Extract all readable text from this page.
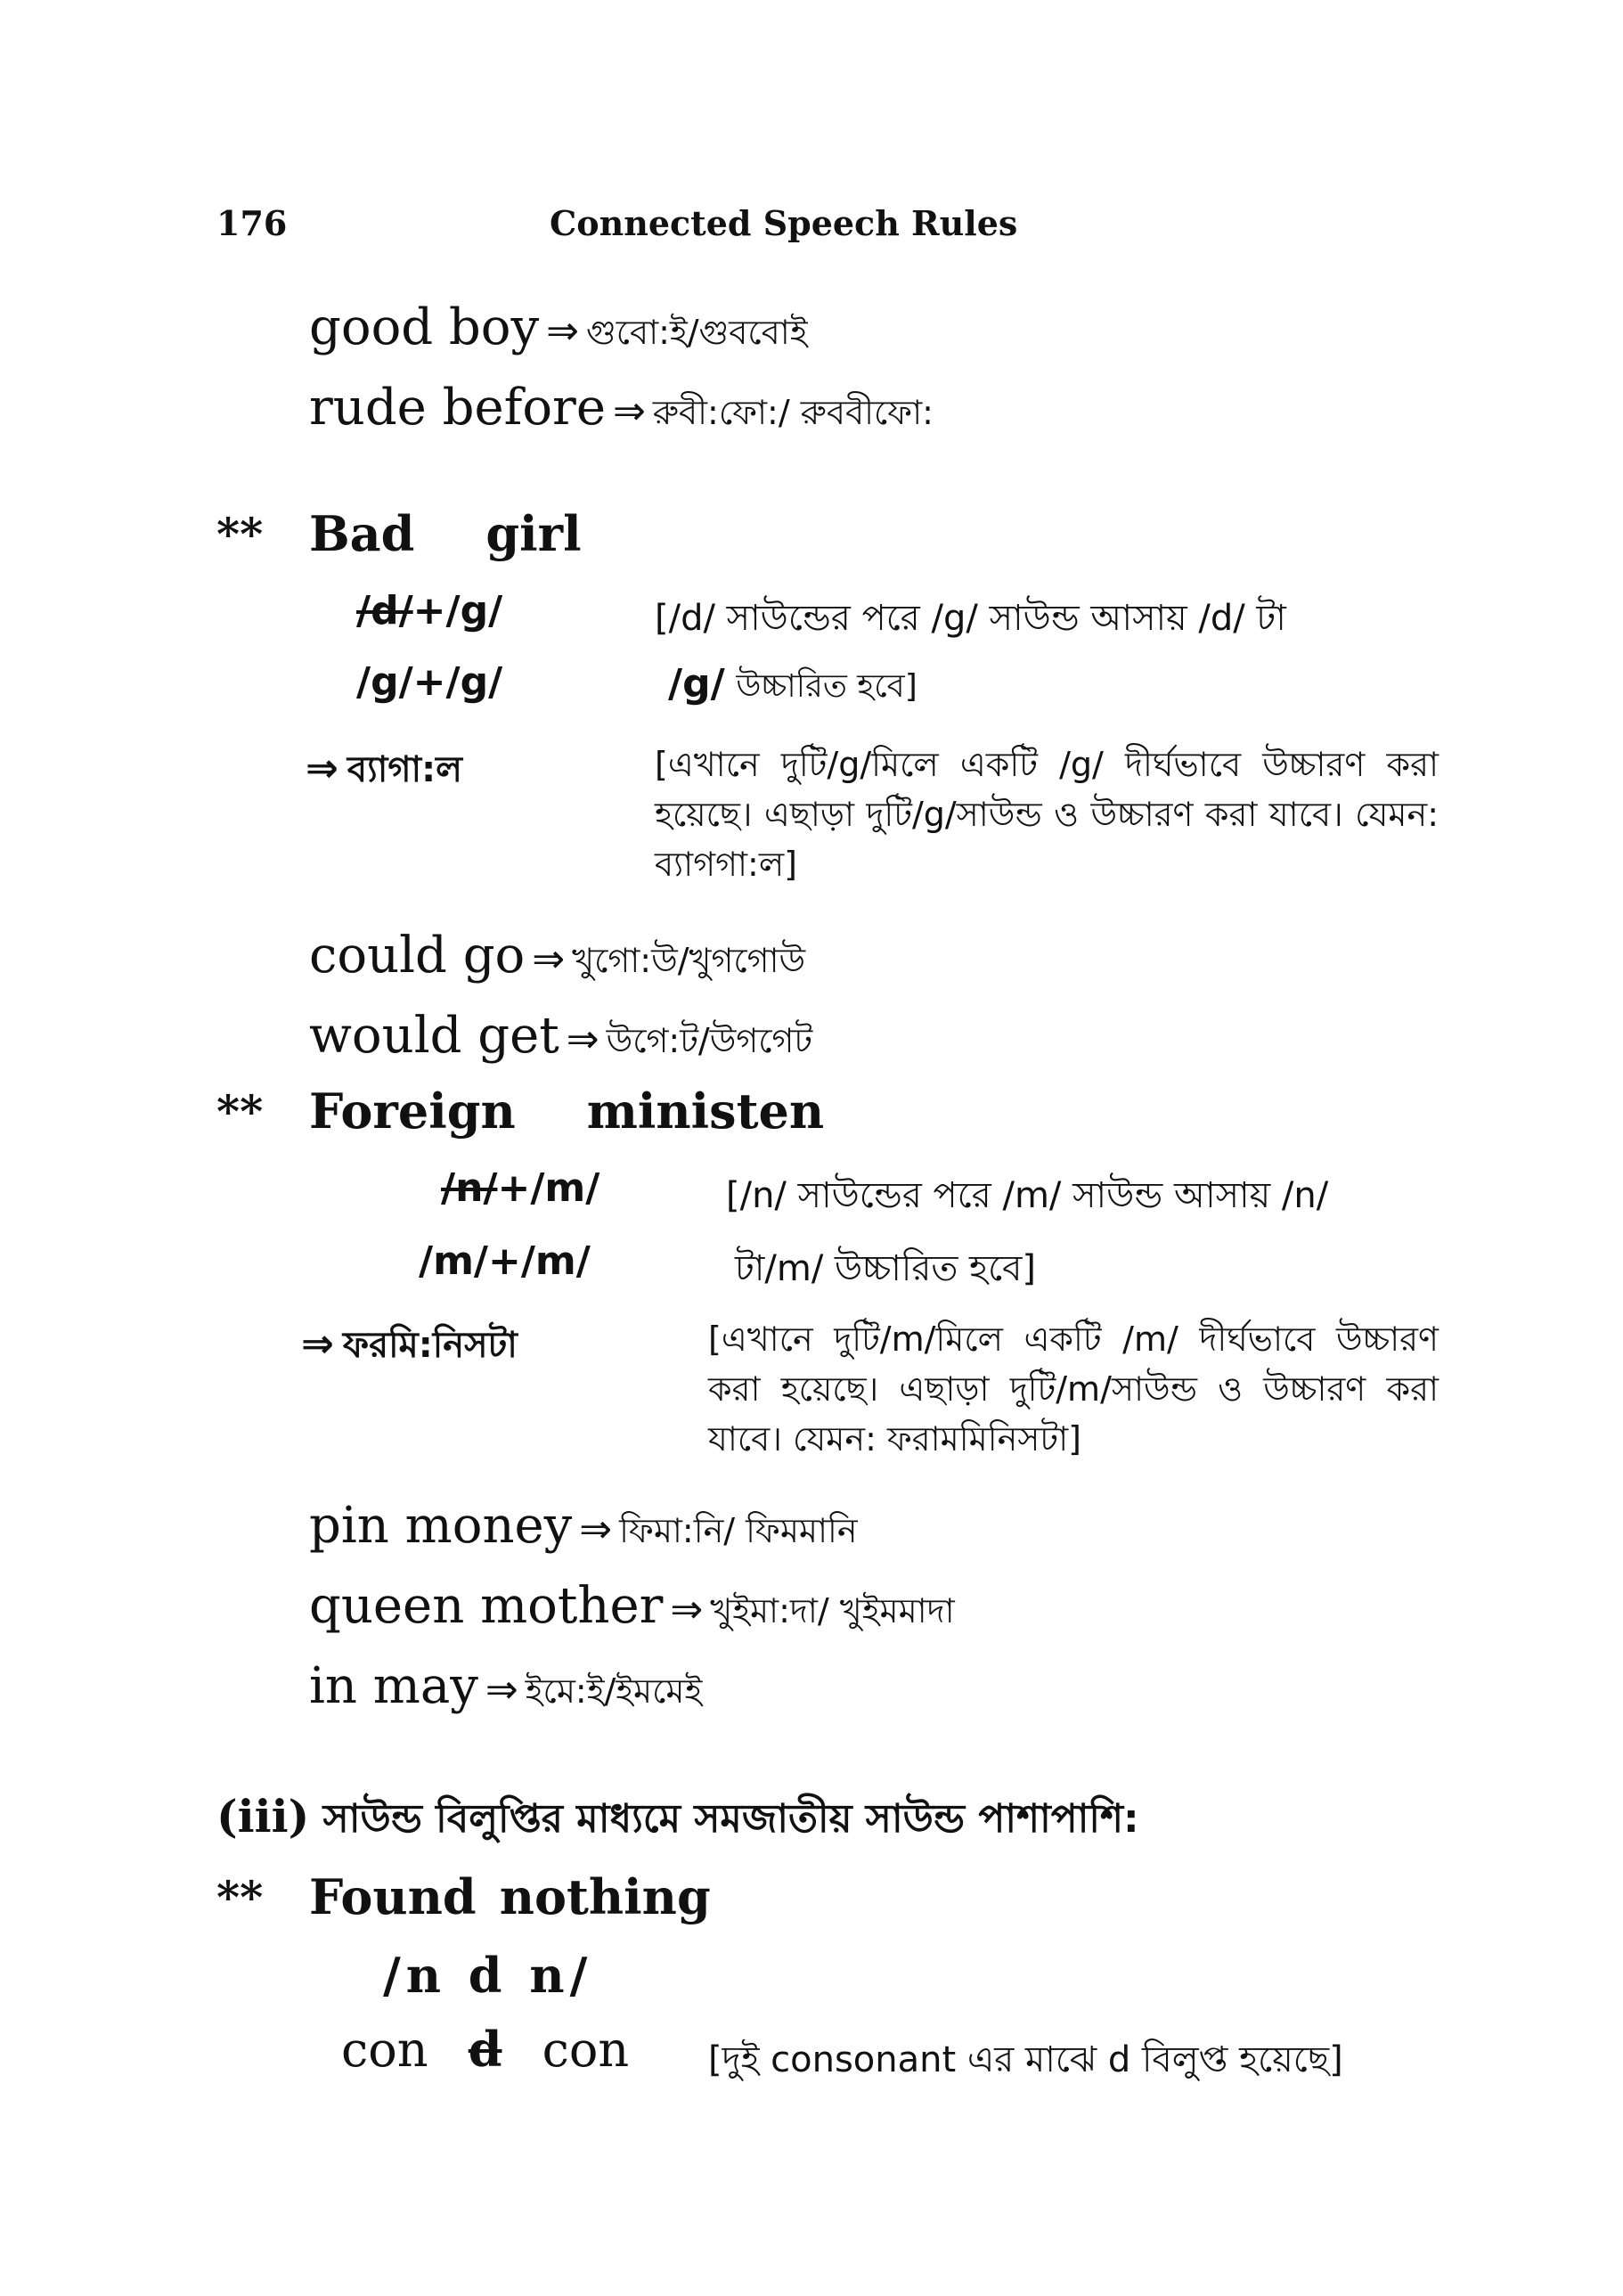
176	Connected Speech Rules
good boy ⇒ গুবো:ই/গুববোই
rude before ⇒ রুবী:ফো:/ রুববীফো:
** Bad girl
/d/+/g/	[/d/ সাউন্ডের পরে /g/ সাউন্ড আসায় /d/ টা
/g/+/g/	/g/ উচ্চারিত হবে]
⇒ ব্যাগা:ল	[এখানে দুটি/g/মিলে একটি /g/ দীর্ঘভাবে উচ্চারণ করা হয়েছে। এছাড়া দুটি/g/সাউন্ড ও উচ্চারণ করা যাবে। যেমন: ব্যাগগা:ল]
could go ⇒ খুগো:উ/খুগগোউ
would get ⇒ উগে:ট/উগগেট
** Foreign ministen
/n/+/m/	[/n/ সাউন্ডের পরে /m/ সাউন্ড আসায় /n/
/m/+/m/	টা/m/ উচ্চারিত হবে]
⇒ ফরমি:নিসটা	[এখানে দুটি/m/মিলে একটি /m/ দীর্ঘভাবে উচ্চারণ করা হয়েছে। এছাড়া দুটি/m/সাউন্ড ও উচ্চারণ করা যাবে। যেমন: ফরামমিনিসটা]
pin money ⇒ ফিমা:নি/ ফিমমানি
queen mother ⇒ খুইমা:দা/ খুইমমাদা
in may ⇒ ইমে:ই/ইমমেই
(iii) সাউন্ড বিলুপ্তির মাধ্যমে সমজাতীয় সাউন্ড পাশাপাশি:
** Found nothing
/n d n/
con d con [দুই consonant এর মাঝে d বিলুপ্ত হয়েছে]
